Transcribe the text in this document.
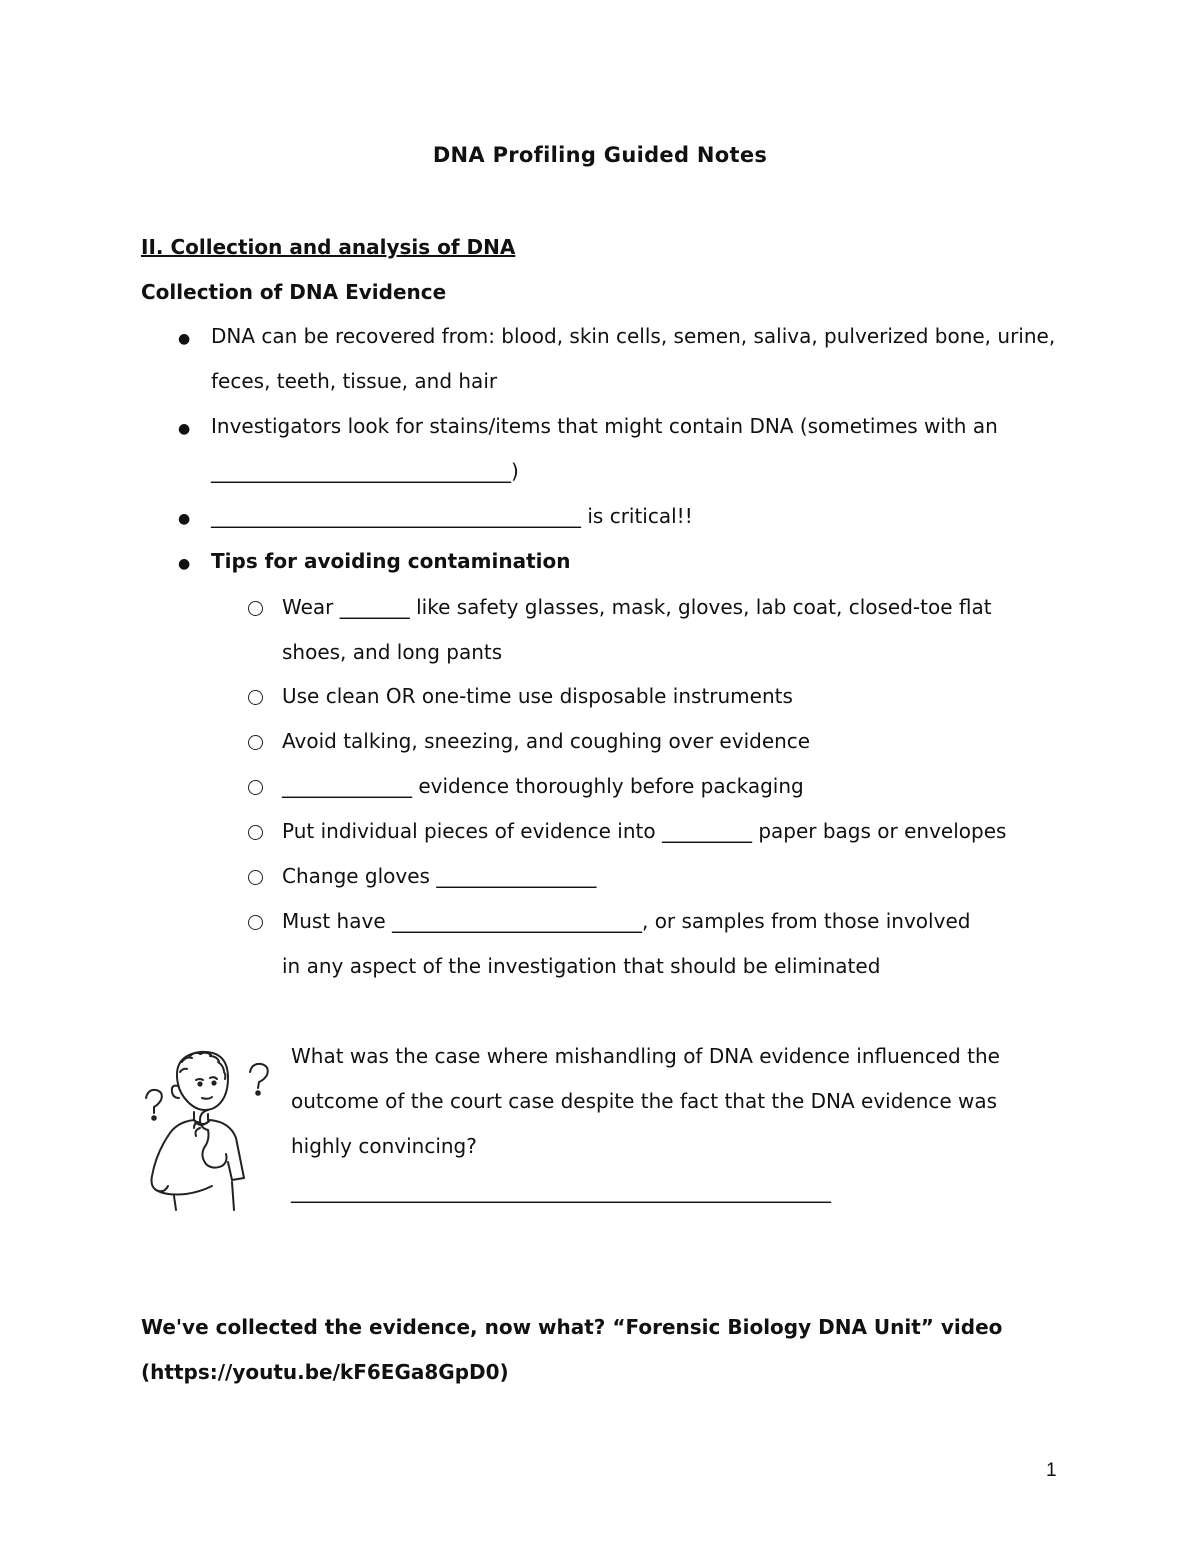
DNA Profiling Guided Notes
II. Collection and analysis of DNA
Collection of DNA Evidence
● DNA can be recovered from: blood, skin cells, semen, saliva, pulverized bone, urine,
feces, teeth, tissue, and hair
● Investigators look for stains/items that might contain DNA (sometimes with an
______________________________)
● _____________________________________ is critical!!
● Tips for avoiding contamination
Wear _______ like safety glasses, mask, gloves, lab coat, closed-toe flat
shoes, and long pants
Use clean OR one-time use disposable instruments
Avoid talking, sneezing, and coughing over evidence
_____________ evidence thoroughly before packaging
Put individual pieces of evidence into _________ paper bags or envelopes
Change gloves ________________
Must have _________________________, or samples from those involved
in any aspect of the investigation that should be eliminated
What was the case where mishandling of DNA evidence influenced the
outcome of the court case despite the fact that the DNA evidence was
highly convincing?
______________________________________________________
We've collected the evidence, now what? “Forensic Biology DNA Unit” video
(https://youtu.be/kF6EGa8GpD0)
1
